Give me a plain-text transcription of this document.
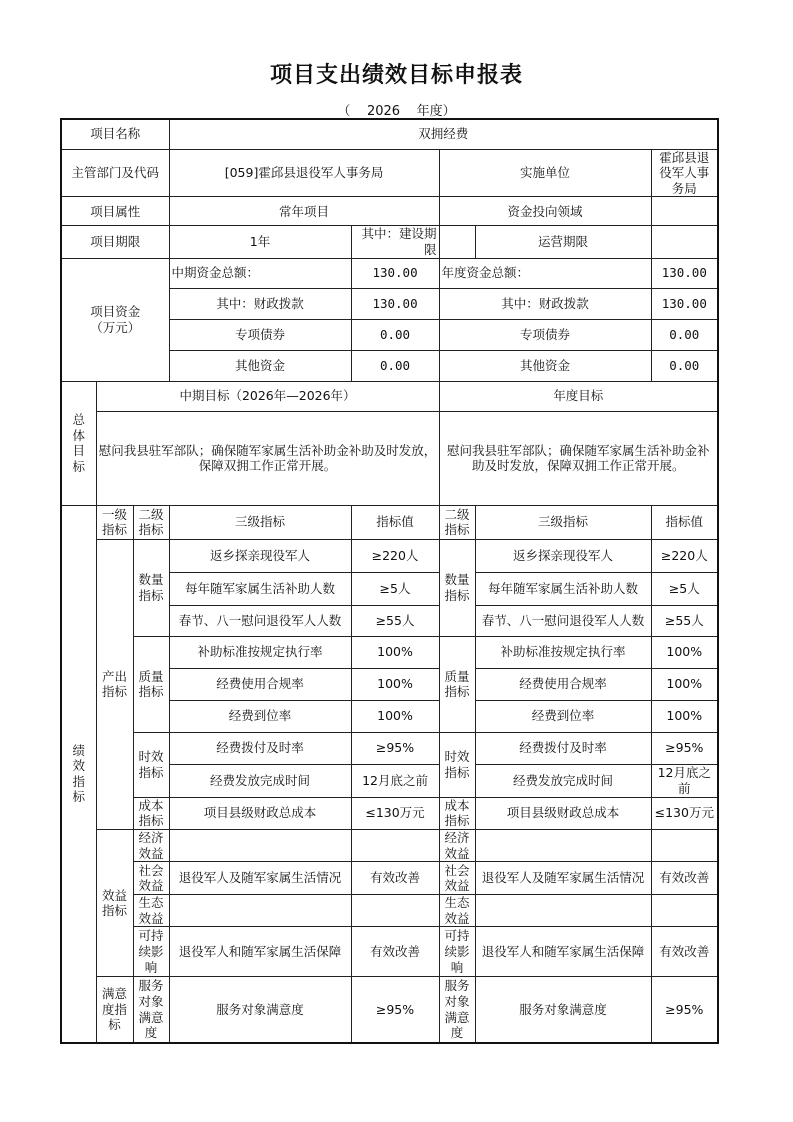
项目支出绩效目标申报表
（ 2026 年度）
项目名称			双拥经费				
主管部门及代码			[059]霍邱县退役军人事务局		实施单位		霍邱县退役军人事务局
项目属性			常年项目		资金投向领域		
项目期限			1年	其中：建设期限		运营期限	
项目资金
（万元）			中期资金总额：	130.00	年度资金总额：		130.00
			其中：财政拨款	130.00	其中：财政拨款		130.00
			专项债券	0.00	专项债券		0.00
			其他资金	0.00	其他资金		0.00
总
体
目
标	中期目标（2026年—2026年）				年度目标		
	慰问我县驻军部队；确保随军家属生活补助金补助及时发放，保障双拥工作正常开展。				慰问我县驻军部队；确保随军家属生活补助金补助及时发放，保障双拥工作正常开展。		
绩
效
指
标	一级指标	二级指标	三级指标	指标值	二级指标	三级指标	指标值
	产出指标	数量指标	返乡探亲现役军人	≥220人	数量指标	返乡探亲现役军人	≥220人
			每年随军家属生活补助人数	≥5人		每年随军家属生活补助人数	≥5人
			春节、八一慰问退役军人人数	≥55人		春节、八一慰问退役军人人数	≥55人
		质量指标	补助标准按规定执行率	100%	质量指标	补助标准按规定执行率	100%
			经费使用合规率	100%		经费使用合规率	100%
			经费到位率	100%		经费到位率	100%
		时效指标	经费拨付及时率	≥95%	时效指标	经费拨付及时率	≥95%
			经费发放完成时间	12月底之前		经费发放完成时间	12月底之前
		成本指标	项目县级财政总成本	≤130万元	成本指标	项目县级财政总成本	≤130万元
	效益指标	经济效益			经济效益		
		社会效益	退役军人及随军家属生活情况	有效改善	社会效益	退役军人及随军家属生活情况	有效改善
		生态效益			生态效益		
		可持续影响	退役军人和随军家属生活保障	有效改善	可持续影响	退役军人和随军家属生活保障	有效改善
	满意度指标	服务对象满意度	服务对象满意度	≥95%	服务对象满意度	服务对象满意度	≥95%
